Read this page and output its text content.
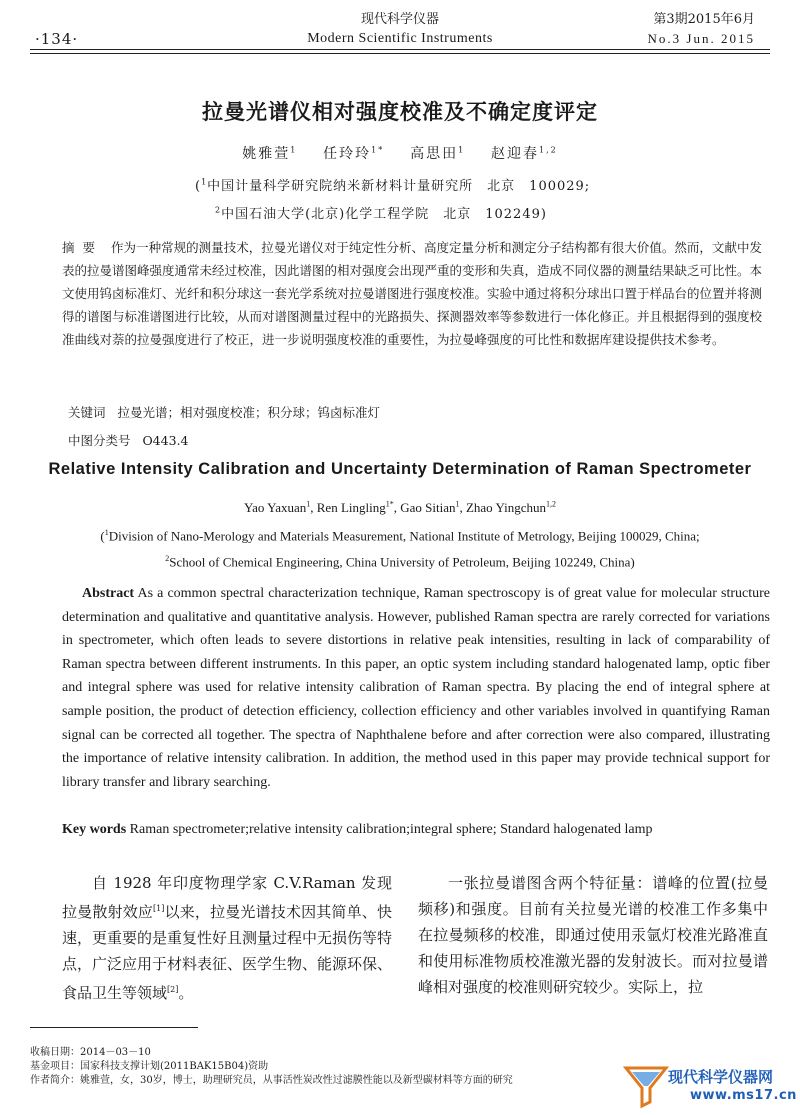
·134·
现代科学仪器
Modern Scientific Instruments
第3期2015年6月
No.3 Jun. 2015
拉曼光谱仪相对强度校准及不确定度评定
姚雅萱$^1$ 任玲玲$^{1*}$ 高思田$^1$ 赵迎春$^{1,2}$
($^1$中国计量科学研究院纳米新材料计量研究所　北京　100029;
$^2$中国石油大学(北京)化学工程学院　北京　102249)
摘要 作为一种常规的测量技术，拉曼光谱仪对于纯定性分析、高度定量分析和测定分子结构都有很大价值。然而，文献中发表的拉曼谱图峰强度通常未经过校准，因此谱图的相对强度会出现严重的变形和失真，造成不同仪器的测量结果缺乏可比性。本文使用钨卤标准灯、光纤和积分球这一套光学系统对拉曼谱图进行强度校准。实验中通过将积分球出口置于样品台的位置并将测得的谱图与标准谱图进行比较，从而对谱图测量过程中的光路损失、探测器效率等参数进行一体化修正。并且根据得到的强度校准曲线对萘的拉曼强度进行了校正，进一步说明强度校准的重要性，为拉曼峰强度的可比性和数据库建设提供技术参考。
关键词 拉曼光谱；相对强度校准；积分球；钨卤标准灯
中图分类号 O443.4
Relative Intensity Calibration and Uncertainty Determination of Raman Spectrometer
Yao Yaxuan$^1$, Ren Lingling$^{1*}$, Gao Sitian$^1$, Zhao Yingchun$^{1,2}$
($^1$Division of Nano-Merology and Materials Measurement, National Institute of Metrology, Beijing 100029, China;
$^2$School of Chemical Engineering, China University of Petroleum, Beijing 102249, China)
Abstract As a common spectral characterization technique, Raman spectroscopy is of great value for molecular structure determination and qualitative and quantitative analysis. However, published Raman spectra are rarely corrected for variations in spectrometer, which often leads to severe distortions in relative peak intensities, resulting in lack of comparability of Raman spectra between different instruments. In this paper, an optic system including standard halogenated lamp, optic fiber and integral sphere was used for relative intensity calibration of Raman spectra. By placing the end of integral sphere at sample position, the product of detection efficiency, collection efficiency and other variables involved in quantifying Raman signal can be corrected all together. The spectra of Naphthalene before and after correction were also compared, illustrating the importance of relative intensity calibration. In addition, the method used in this paper may provide technical support for library transfer and library searching.
Key words Raman spectrometer;relative intensity calibration;integral sphere; Standard halogenated lamp
自 1928 年印度物理学家 C.V.Raman 发现拉曼散射效应[1]以来，拉曼光谱技术因其简单、快速，更重要的是重复性好且测量过程中无损伤等特点，广泛应用于材料表征、医学生物、能源环保、食品卫生等领域[2]。
一张拉曼谱图含两个特征量：谱峰的位置(拉曼频移)和强度。目前有关拉曼光谱的校准工作多集中在拉曼频移的校准，即通过使用汞氩灯校准光路准直和使用标准物质校准激光器的发射波长。而对拉曼谱峰相对强度的校准则研究较少。实际上，拉
收稿日期：2014－03－10
基金项目：国家科技支撑计划(2011BAK15B04)资助
作者简介：姚雅萱，女，30岁，博士，助理研究员，从事活性炭改性过滤膜性能以及新型碳材料等方面的研究	现代科学仪器网
www.ms17.cn
